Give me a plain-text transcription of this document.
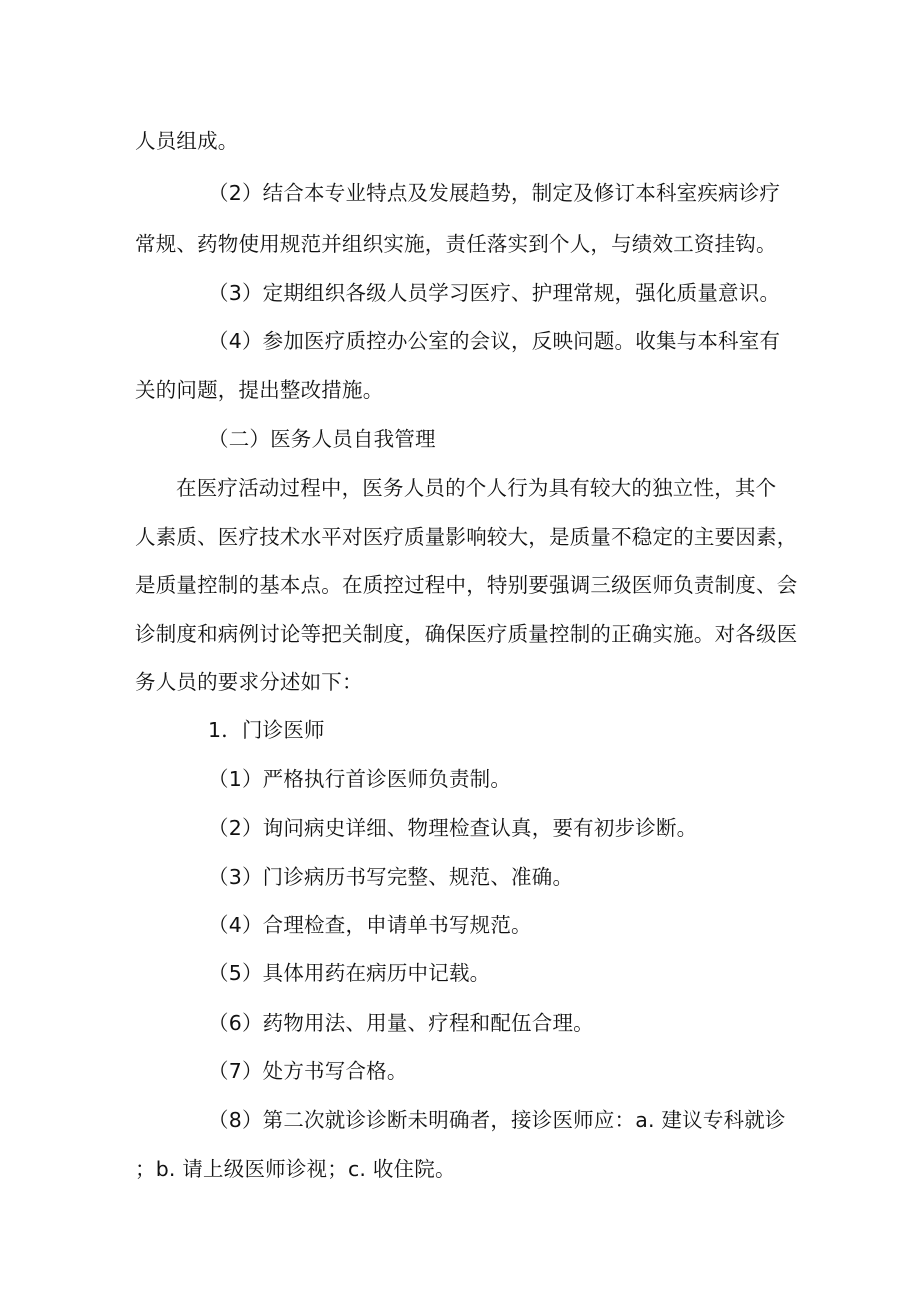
人员组成。
（2）结合本专业特点及发展趋势，制定及修订本科室疾病诊疗
常规、药物使用规范并组织实施，责任落实到个人，与绩效工资挂钩。
（3）定期组织各级人员学习医疗、护理常规，强化质量意识。
（4）参加医疗质控办公室的会议，反映问题。收集与本科室有
关的问题，提出整改措施。
（二）医务人员自我管理
在医疗活动过程中，医务人员的个人行为具有较大的独立性，其个
人素质、医疗技术水平对医疗质量影响较大，是质量不稳定的主要因素，
是质量控制的基本点。在质控过程中，特别要强调三级医师负责制度、会
诊制度和病例讨论等把关制度，确保医疗质量控制的正确实施。对各级医
务人员的要求分述如下：
1．门诊医师
（1）严格执行首诊医师负责制。
（2）询问病史详细、物理检查认真，要有初步诊断。
（3）门诊病历书写完整、规范、准确。
（4）合理检查，申请单书写规范。
（5）具体用药在病历中记载。
（6）药物用法、用量、疗程和配伍合理。
（7）处方书写合格。
（8）第二次就诊诊断未明确者，接诊医师应：a. 建议专科就诊
；b. 请上级医师诊视；c. 收住院。
